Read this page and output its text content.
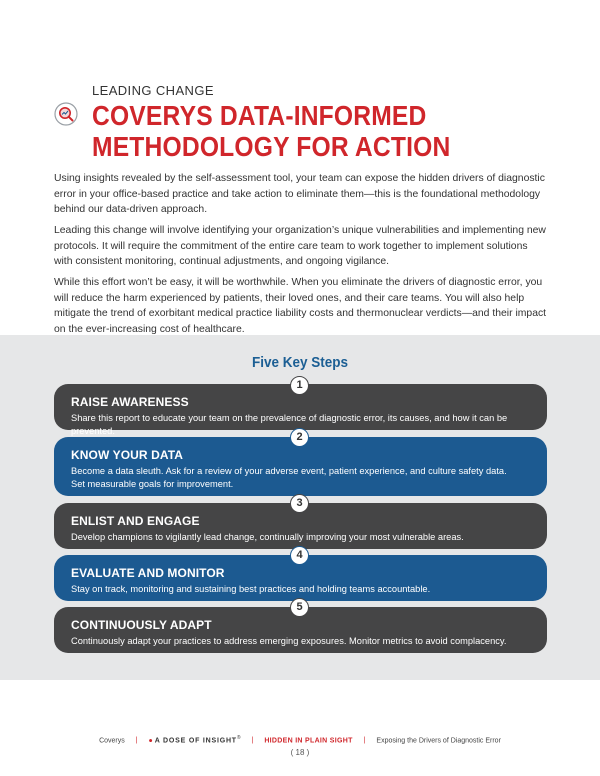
LEADING CHANGE
COVERYS DATA-INFORMED
METHODOLOGY FOR ACTION

Using insights revealed by the self-assessment tool, your team can expose the hidden drivers of diagnostic error in your office-based practice and take action to eliminate them—this is the foundational methodology behind our data-driven approach.

Leading this change will involve identifying your organization’s unique vulnerabilities and implementing new protocols. It will require the commitment of the entire care team to work together to implement solutions with consistent monitoring, continual adjustments, and ongoing vigilance.

While this effort won’t be easy, it will be worthwhile. When you eliminate the drivers of diagnostic error, you will reduce the harm experienced by patients, their loved ones, and their care teams. You will also help mitigate the trend of exorbitant medical practice liability costs and thermonuclear verdicts—and their impact on the ever-increasing cost of healthcare.

Five Key Steps
RAISE AWARENESS
Share this report to educate your team on the prevalence of diagnostic error, its causes, and how it can be prevented.
1
KNOW YOUR DATA
Become a data sleuth. Ask for a review of your adverse event, patient experience, and culture safety data.
Set measurable goals for improvement.
2
ENLIST AND ENGAGE
Develop champions to vigilantly lead change, continually improving your most vulnerable areas.
3
EVALUATE AND MONITOR
Stay on track, monitoring and sustaining best practices and holding teams accountable.
4
CONTINUOUSLY ADAPT
Continuously adapt your practices to address emerging exposures. Monitor metrics to avoid complacency.
5
Coverys | ● A DOSE OF INSIGHT® | HIDDEN IN PLAIN SIGHT | Exposing the Drivers of Diagnostic Error
( 18 )
